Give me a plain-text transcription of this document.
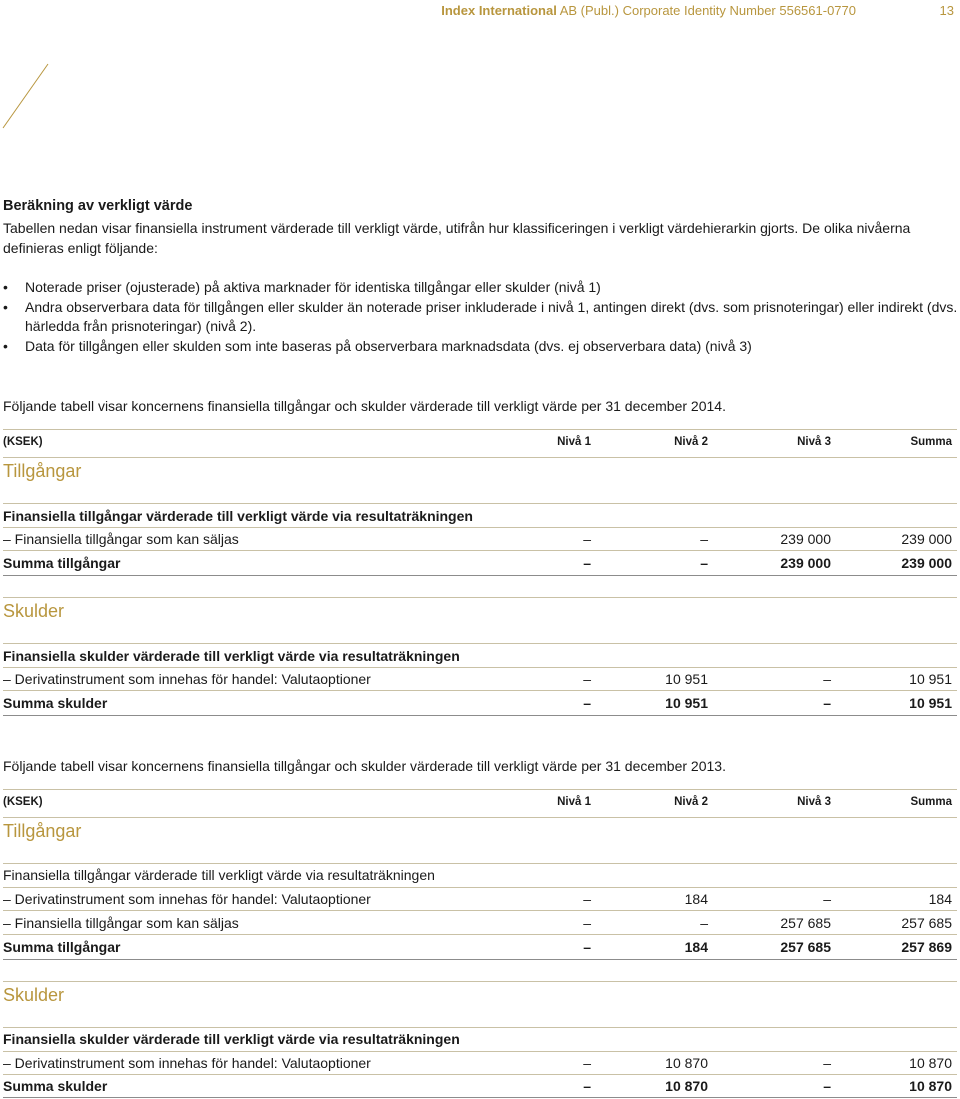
Index International AB (Publ.) Corporate Identity Number 556561-0770	13
Beräkning av verkligt värde
Tabellen nedan visar finansiella instrument värderade till verkligt värde, utifrån hur klassificeringen i verkligt värdehierarkin gjorts. De olika nivåerna definieras enligt följande:
• Noterade priser (ojusterade) på aktiva marknader för identiska tillgångar eller skulder (nivå 1)
• Andra observerbara data för tillgången eller skulder än noterade priser inkluderade i nivå 1, antingen direkt (dvs. som prisnoteringar) eller indirekt (dvs. härledda från prisnoteringar) (nivå 2).
• Data för tillgången eller skulden som inte baseras på observerbara marknadsdata (dvs. ej observerbara data) (nivå 3)
Följande tabell visar koncernens finansiella tillgångar och skulder värderade till verkligt värde per 31 december 2014.
(KSEK)	Nivå 1	Nivå 2	Nivå 3	Summa
Tillgångar
Finansiella tillgångar värderade till verkligt värde via resultaträkningen
– Finansiella tillgångar som kan säljas	–	–	239 000	239 000
Summa tillgångar	–	–	239 000	239 000
Skulder
Finansiella skulder värderade till verkligt värde via resultaträkningen
– Derivatinstrument som innehas för handel: Valutaoptioner	–	10 951	–	10 951
Summa skulder	–	10 951	–	10 951
Följande tabell visar koncernens finansiella tillgångar och skulder värderade till verkligt värde per 31 december 2013.
(KSEK)	Nivå 1	Nivå 2	Nivå 3	Summa
Tillgångar
Finansiella tillgångar värderade till verkligt värde via resultaträkningen
– Derivatinstrument som innehas för handel: Valutaoptioner	–	184	–	184
– Finansiella tillgångar som kan säljas	–	–	257 685	257 685
Summa tillgångar	–	184	257 685	257 869
Skulder
Finansiella skulder värderade till verkligt värde via resultaträkningen
– Derivatinstrument som innehas för handel: Valutaoptioner	–	10 870	–	10 870
Summa skulder	–	10 870	–	10 870
